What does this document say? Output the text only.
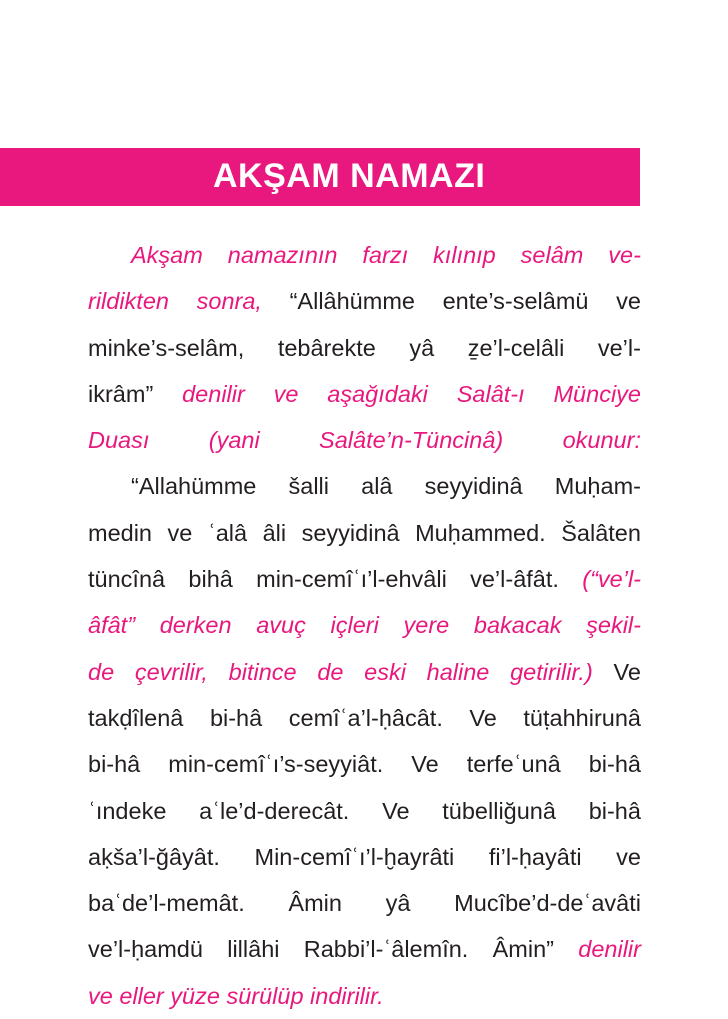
AKŞAM NAMAZI
Akşam namazının farzı kılınıp selâm ve-
rildikten sonra, “Allâhümme ente’s-selâmü ve
minke’s-selâm, tebârekte yâ ẕe’l-celâli ve’l-
ikrâm” denilir ve aşağıdaki Salât-ı Münciye
Duası	(yani	Salâte’n-Tüncinâ)	okunur:
“Allahümme šalli alâ seyyidinâ Muḥam-
medin ve ʿalâ âli seyyidinâ Muḥammed. Šalâten
tüncînâ bihâ min-cemîʿı’l-ehvâli ve’l-âfât. (“ve’l-
âfât” derken avuç içleri yere bakacak şekil-
de çevrilir, bitince de eski haline getirilir.) Ve
takḍîlenâ bi-hâ cemîʿa’l-ḥâcât. Ve tüṭahhirunâ
bi-hâ min-cemîʿı’s-seyyiât. Ve terfeʿunâ bi-hâ
ʿındeke aʿle’d-derecât. Ve tübelliğunâ bi-hâ
aḳša’l-ğâyât. Min-cemîʿı’l-ḫayrâti fi’l-ḥayâti ve
baʿde’l-memât. Âmin yâ Mucîbe’d-deʿavâti
ve’l-ḥamdü lillâhi Rabbi’l-ʿâlemîn. Âmin” denilir
ve eller yüze sürülüp indirilir.
